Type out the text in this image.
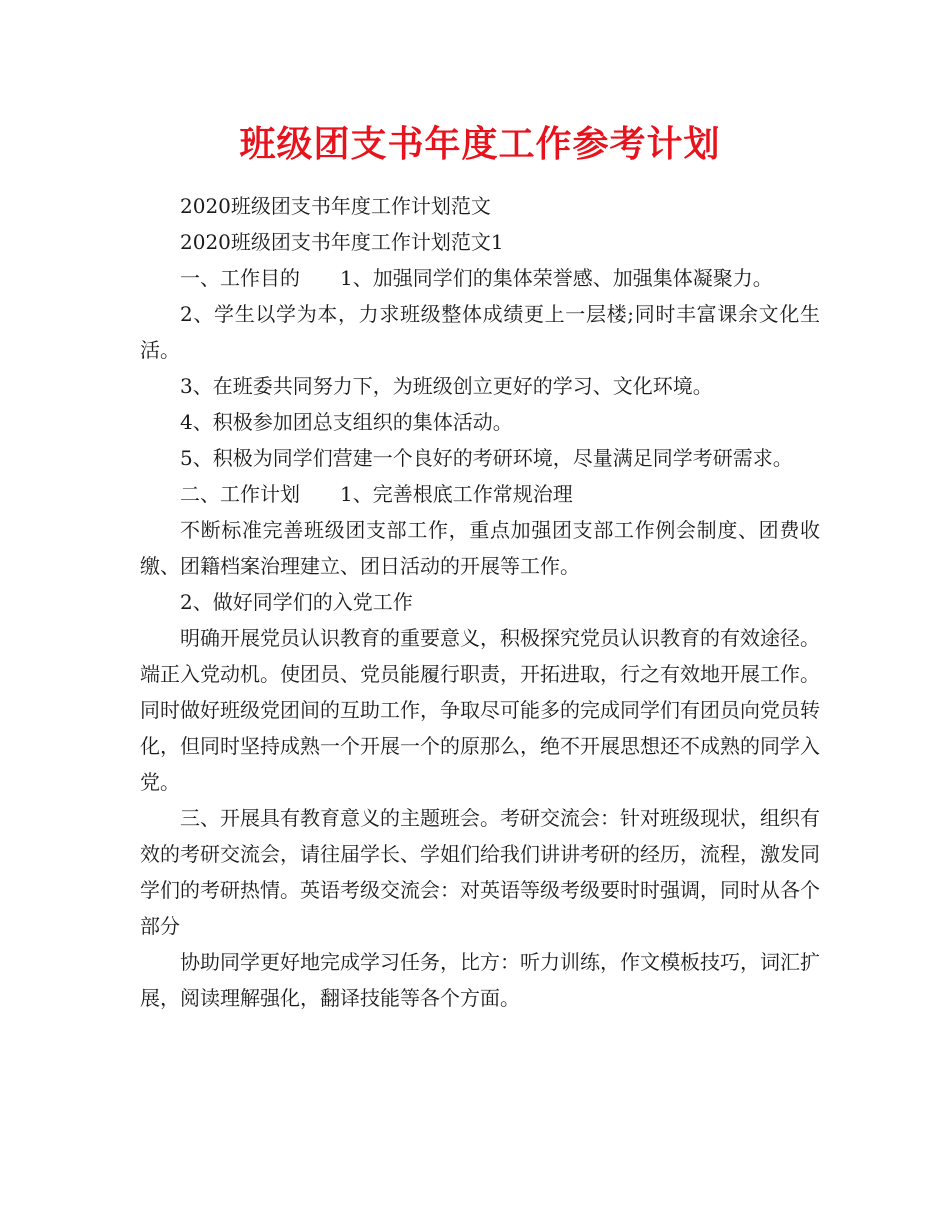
班级团支书年度工作参考计划

2020班级团支书年度工作计划范文

2020班级团支书年度工作计划范文1

一、工作目的 1、加强同学们的集体荣誉感、加强集体凝聚力。

2、学生以学为本，力求班级整体成绩更上一层楼;同时丰富课余文化生活。

3、在班委共同努力下，为班级创立更好的学习、文化环境。

4、积极参加团总支组织的集体活动。

5、积极为同学们营建一个良好的考研环境，尽量满足同学考研需求。

二、工作计划 1、完善根底工作常规治理

不断标准完善班级团支部工作，重点加强团支部工作例会制度、团费收缴、团籍档案治理建立、团日活动的开展等工作。

2、做好同学们的入党工作

明确开展党员认识教育的重要意义，积极探究党员认识教育的有效途径。端正入党动机。使团员、党员能履行职责，开拓进取，行之有效地开展工作。同时做好班级党团间的互助工作，争取尽可能多的完成同学们有团员向党员转化，但同时坚持成熟一个开展一个的原那么，绝不开展思想还不成熟的同学入党。

三、开展具有教育意义的主题班会。考研交流会：针对班级现状，组织有效的考研交流会，请往届学长、学姐们给我们讲讲考研的经历，流程，激发同学们的考研热情。英语考级交流会：对英语等级考级要时时强调，同时从各个部分

协助同学更好地完成学习任务，比方：听力训练，作文模板技巧，词汇扩展，阅读理解强化，翻译技能等各个方面。
